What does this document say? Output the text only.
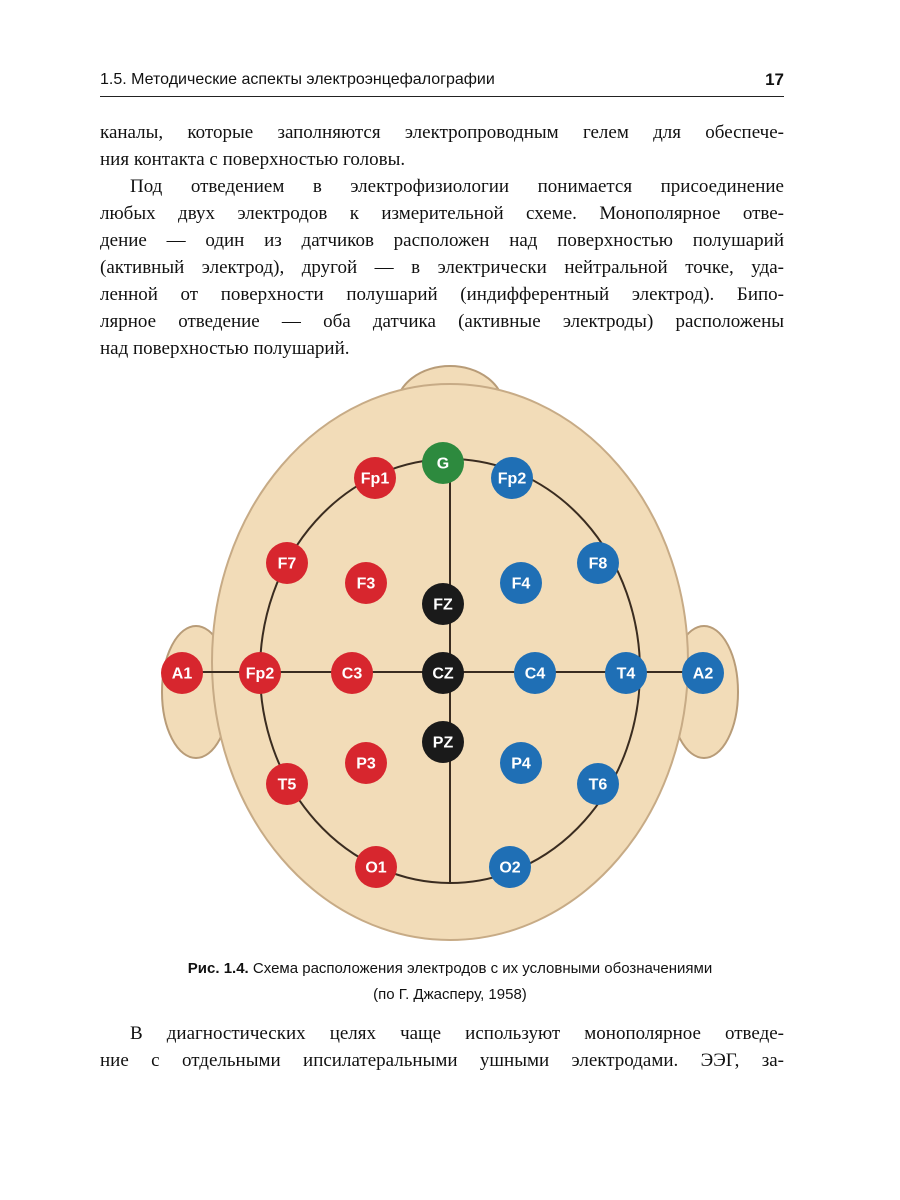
1.5. Методические аспекты электроэнцефалографии	17

каналы, которые заполняются электропроводным гелем для обеспече-
ния контакта с поверхностью головы.

Под отведением в электрофизиологии понимается присоединение
любых двух электродов к измерительной схеме. Монополярное отве-
дение — один из датчиков расположен над поверхностью полушарий
(активный электрод), другой — в электрически нейтральной точке, уда-
ленной от поверхности полушарий (индифферентный электрод). Бипо-
лярное отведение — оба датчика (активные электроды) расположены
над поверхностью полушарий.

G
Fp1	Fp2
F7
F3
FZ
F4
F8
A1	Fp2	C3	CZ	C4	T4	A2
PZ
P3	P4
T5	T6
O1	O2
Рис. 1.4. Схема расположения электродов с их условными обозначениями
(по Г. Джасперу, 1958)

В диагностических целях чаще используют монополярное отведе-
ние с отдельными ипсилатеральными ушными электродами. ЭЭГ, за-
